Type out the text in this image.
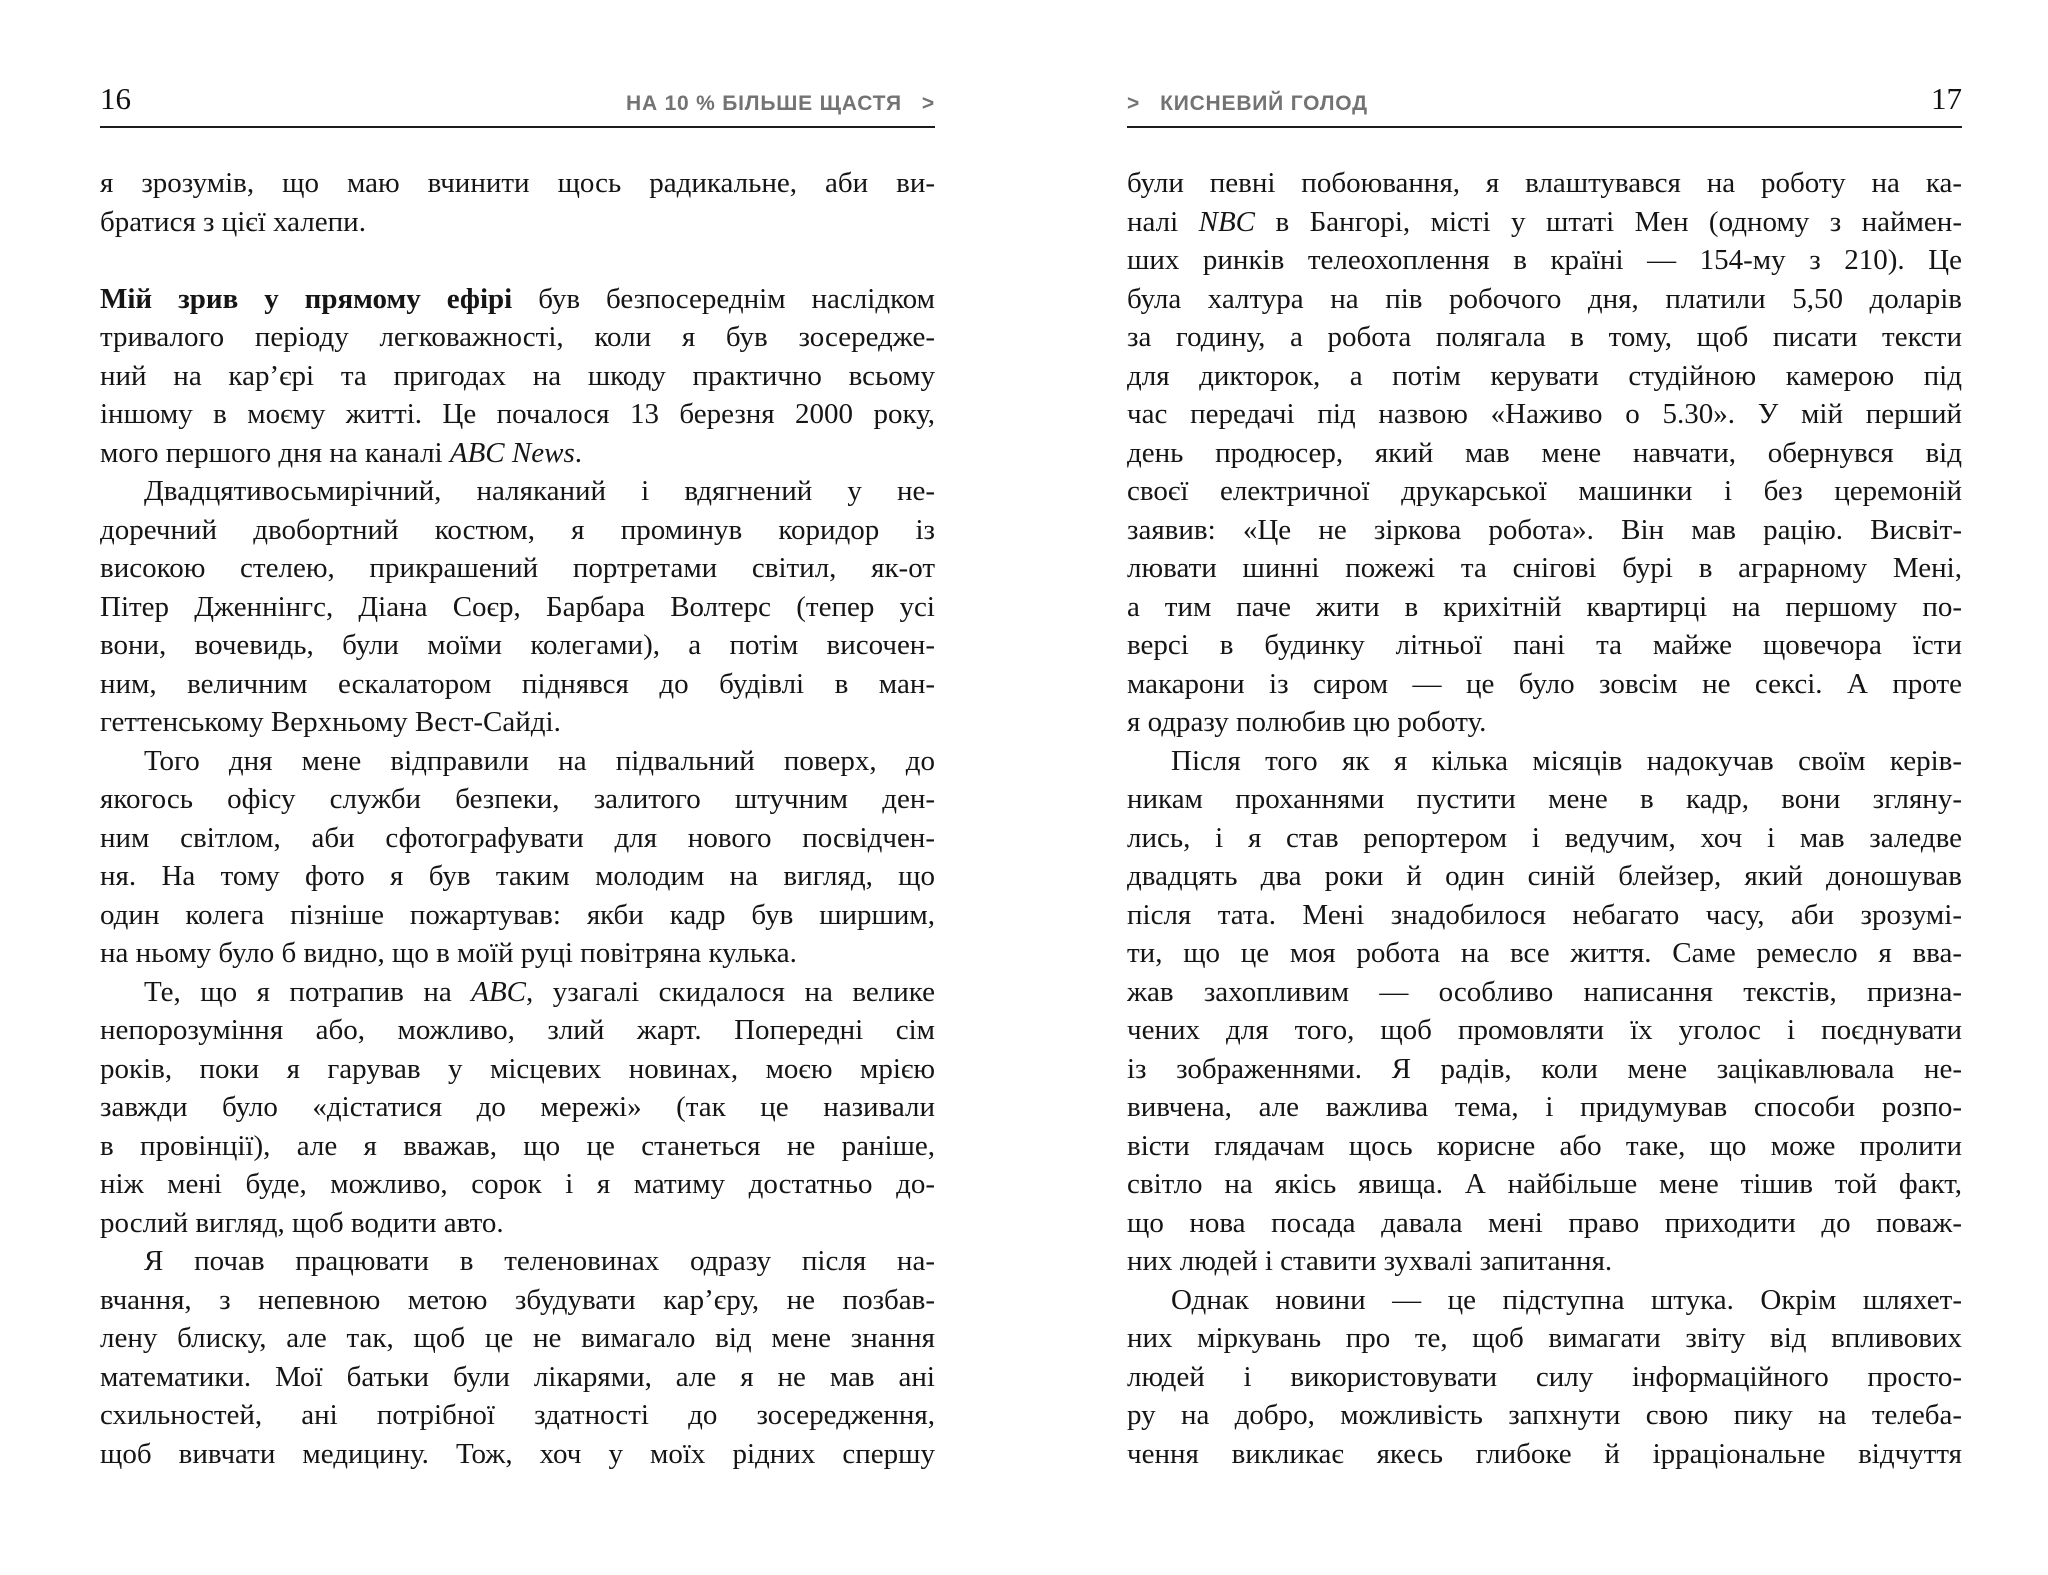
16	НА 10 % БІЛЬШЕ ЩАСТЯ >
я зрозумів, що маю вчинити щось радикальне, аби ви-
братися з цієї халепи.

Мій зрив у прямому ефірі був безпосереднім наслідком
тривалого періоду легковажності, коли я був зосередже-
ний на кар’єрі та пригодах на шкоду практично всьому
іншому в моєму житті. Це почалося 13 березня 2000 року,
мого першого дня на каналі ABC News.
Двадцятивосьмирічний, наляканий і вдягнений у не-
доречний двобортний костюм, я проминув коридор із
високою стелею, прикрашений портретами світил, як-от
Пітер Дженнінгс, Діана Соєр, Барбара Волтерс (тепер усі
вони, вочевидь, були моїми колегами), а потім височен-
ним, величним ескалатором піднявся до будівлі в ман-
геттенському Верхньому Вест-Сайді.
Того дня мене відправили на підвальний поверх, до
якогось офісу служби безпеки, залитого штучним ден-
ним світлом, аби сфотографувати для нового посвідчен-
ня. На тому фото я був таким молодим на вигляд, що
один колега пізніше пожартував: якби кадр був ширшим,
на ньому було б видно, що в моїй руці повітряна кулька.
Те, що я потрапив на ABC, узагалі скидалося на велике
непорозуміння або, можливо, злий жарт. Попередні сім
років, поки я гарував у місцевих новинах, моєю мрією
завжди було «дістатися до мережі» (так це називали
в провінції), але я вважав, що це станеться не раніше,
ніж мені буде, можливо, сорок і я матиму достатньо до-
рослий вигляд, щоб водити авто.
Я почав працювати в теленовинах одразу після на-
вчання, з непевною метою збудувати кар’єру, не позбав-
лену блиску, але так, щоб це не вимагало від мене знання
математики. Мої батьки були лікарями, але я не мав ані
схильностей, ані потрібної здатності до зосередження,
щоб вивчати медицину. Тож, хоч у моїх рідних спершу
> КИСНЕВИЙ ГОЛОД	17
були певні побоювання, я влаштувався на роботу на ка-
налі NBC в Бангорі, місті у штаті Мен (одному з наймен-
ших ринків телеохоплення в країні — 154-му з 210). Це
була халтура на пів робочого дня, платили 5,50 доларів
за годину, а робота полягала в тому, щоб писати тексти
для дикторок, а потім керувати студійною камерою під
час передачі під назвою «Наживо о 5.30». У мій перший
день продюсер, який мав мене навчати, обернувся від
своєї електричної друкарської машинки і без церемоній
заявив: «Це не зіркова робота». Він мав рацію. Висвіт-
лювати шинні пожежі та снігові бурі в аграрному Мені,
а тим паче жити в крихітній квартирці на першому по-
версі в будинку літньої пані та майже щовечора їсти
макарони із сиром — це було зовсім не сексі. А проте
я одразу полюбив цю роботу.
Після того як я кілька місяців надокучав своїм керів-
никам проханнями пустити мене в кадр, вони згляну-
лись, і я став репортером і ведучим, хоч і мав заледве
двадцять два роки й один синій блейзер, який доношував
після тата. Мені знадобилося небагато часу, аби зрозумі-
ти, що це моя робота на все життя. Саме ремесло я вва-
жав захопливим — особливо написання текстів, призна-
чених для того, щоб промовляти їх уголос і поєднувати
із зображеннями. Я радів, коли мене зацікавлювала не-
вивчена, але важлива тема, і придумував способи розпо-
вісти глядачам щось корисне або таке, що може пролити
світло на якісь явища. А найбільше мене тішив той факт,
що нова посада давала мені право приходити до поваж-
них людей і ставити зухвалі запитання.
Однак новини — це підступна штука. Окрім шляхет-
них міркувань про те, щоб вимагати звіту від впливових
людей і використовувати силу інформаційного просто-
ру на добро, можливість запхнути свою пику на телеба-
чення викликає якесь глибоке й ірраціональне відчуття
